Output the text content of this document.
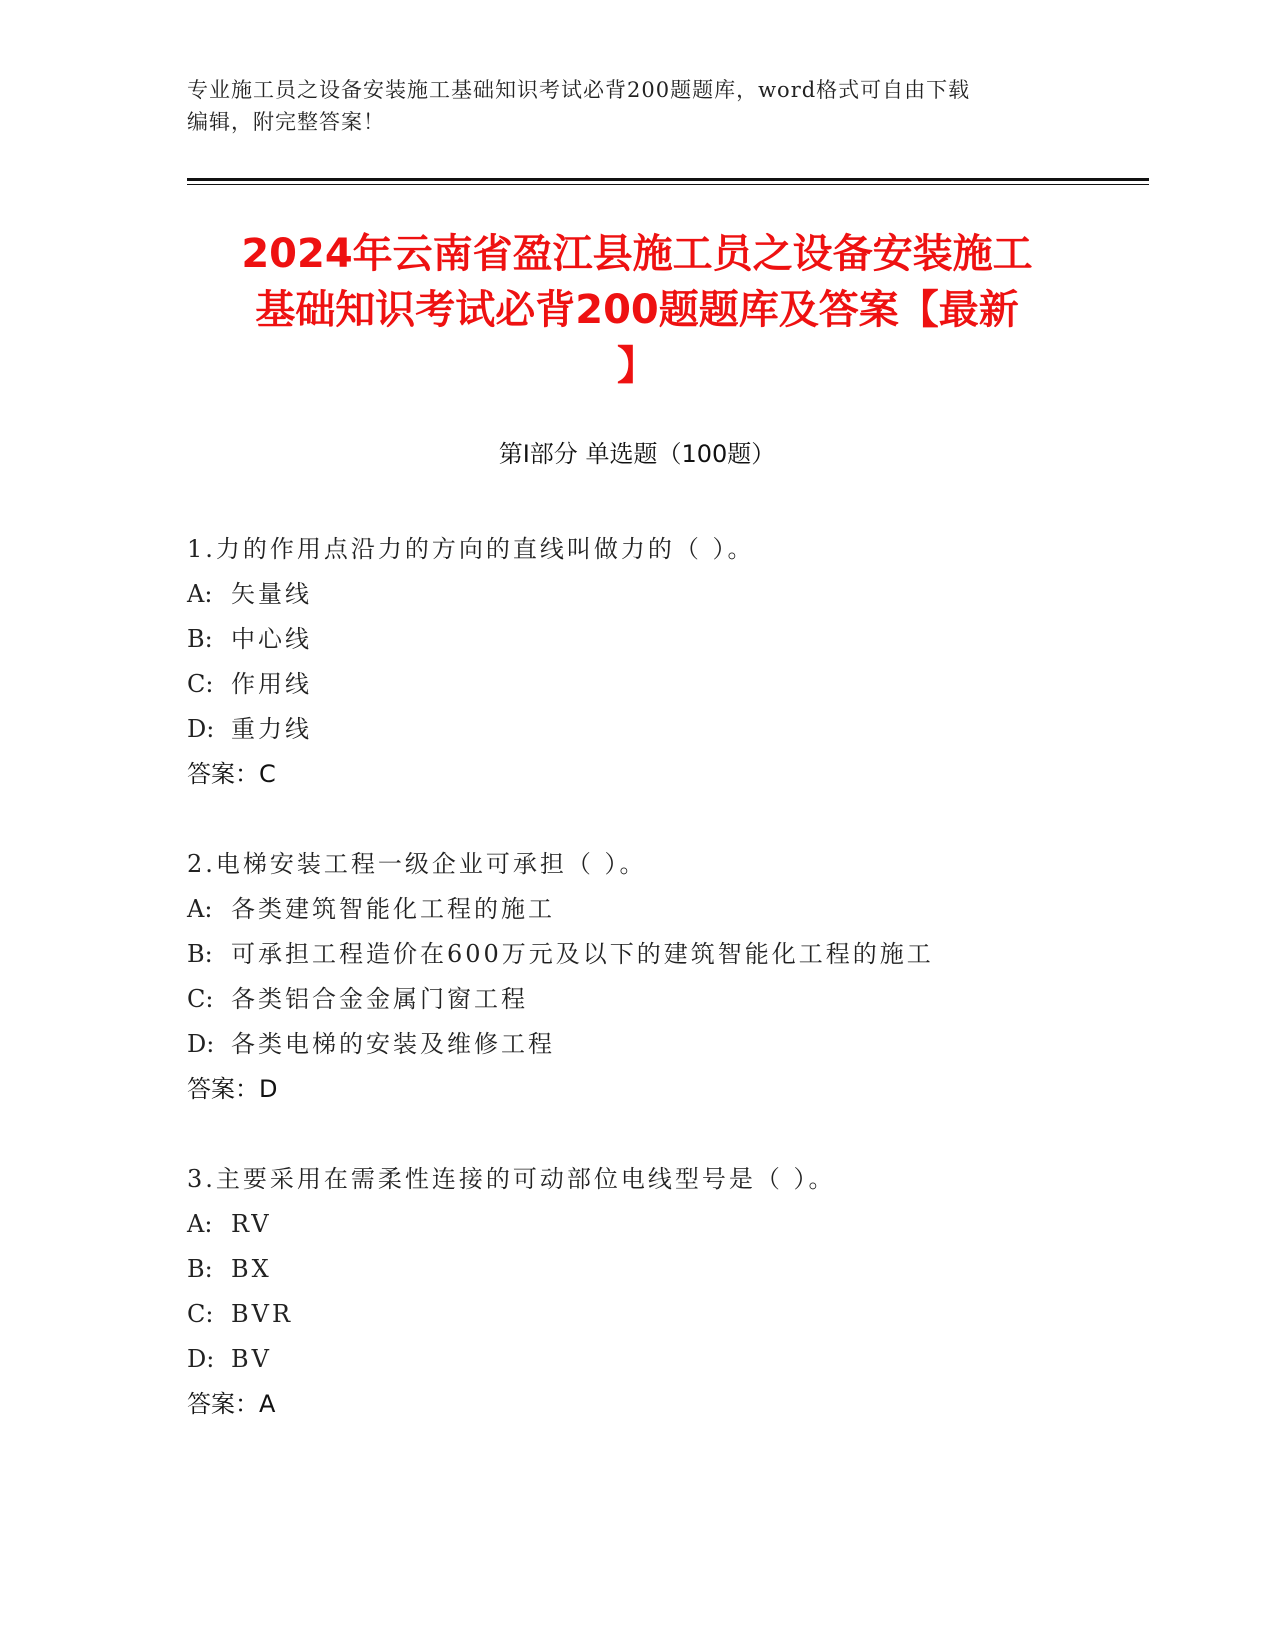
专业施工员之设备安装施工基础知识考试必背200题题库，word格式可自由下载
编辑，附完整答案！
2024年云南省盈江县施工员之设备安装施工
基础知识考试必背200题题库及答案【最新
】
第I部分 单选题（100题）
1.力的作用点沿力的方向的直线叫做力的（ ）。
A: 矢量线
B: 中心线
C: 作用线
D: 重力线
答案：C
2.电梯安装工程一级企业可承担（ ）。
A: 各类建筑智能化工程的施工
B: 可承担工程造价在600万元及以下的建筑智能化工程的施工
C: 各类铝合金金属门窗工程
D: 各类电梯的安装及维修工程
答案：D
3.主要采用在需柔性连接的可动部位电线型号是（ ）。
A: RV
B: BX
C: BVR
D: BV
答案：A
